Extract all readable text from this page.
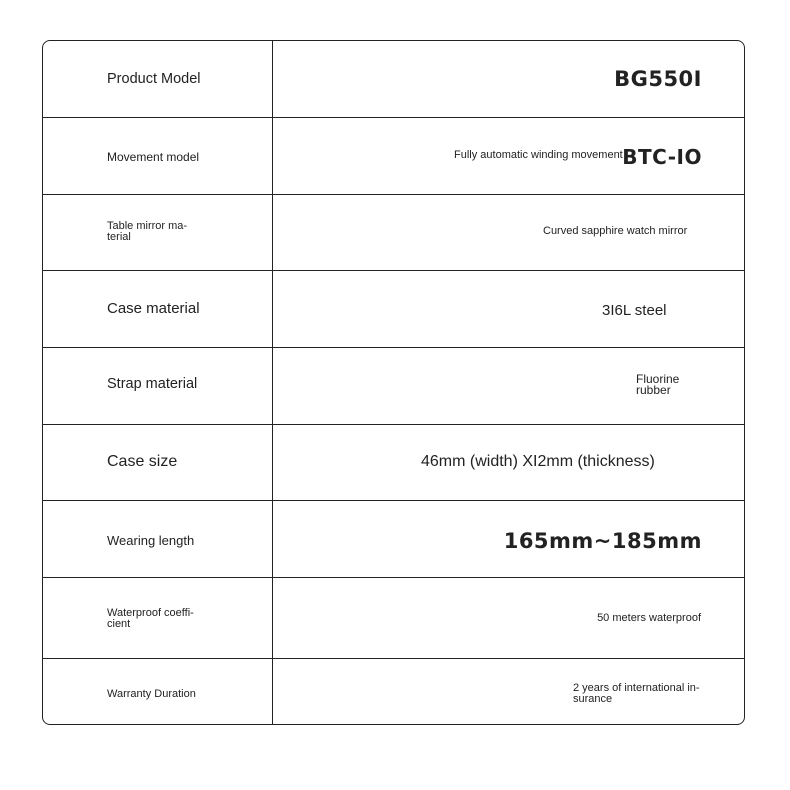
Product Model	BG550I
Movement model	Fully automatic winding movement BTC-IO
Table mirror ma-terial	Curved sapphire watch mirror
Case material	3I6L steel
Strap material	Fluorine rubber
Case size	46mm (width) XI2mm (thickness)
Wearing length	165mm~185mm
Waterproof coeffi-cient	50 meters waterproof
Warranty Duration	2 years of international in-surance
